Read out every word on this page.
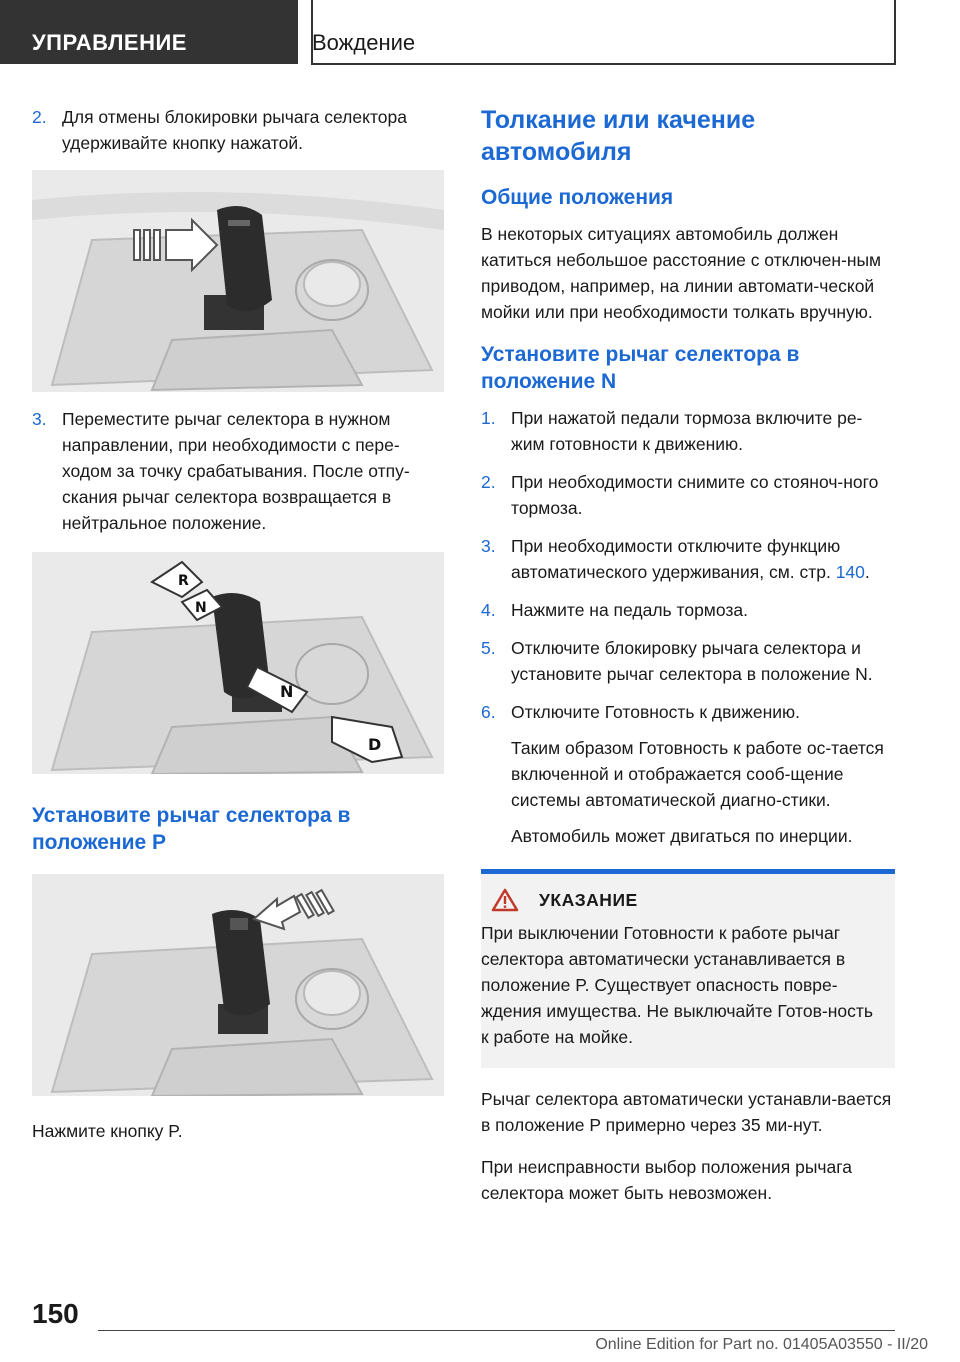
УПРАВЛЕНИЕ	Вождение
2. Для отмены блокировки рычага селектора удерживайте кнопку нажатой.
3. Переместите рычаг селектора в нужном направлении, при необходимости с пере-ходом за точку срабатывания. После отпу-скания рычаг селектора возвращается в нейтральное положение.
R
N
N
D
Установите рычаг селектора в положение P

Нажмите кнопку P.

Толкание или качение автомобиля
Общие положения

В некоторых ситуациях автомобиль должен катиться небольшое расстояние с отключен-ным приводом, например, на линии автомати-ческой мойки или при необходимости толкать вручную.

Установите рычаг селектора в положение N
1. При нажатой педали тормоза включите ре-жим готовности к движению.
2. При необходимости снимите со стояноч-ного тормоза.
3. При необходимости отключите функцию автоматического удерживания, см. стр. 140.
4. Нажмите на педаль тормоза.
5. Отключите блокировку рычага селектора и установите рычаг селектора в положение N.
6. Отключите Готовность к движению.
Таким образом Готовность к работе ос-тается включенной и отображается сооб-щение системы автоматической диагно-стики.
Автомобиль может двигаться по инерции.
УКАЗАНИЕ
При выключении Готовности к работе рычаг селектора автоматически устанавливается в положение P. Существует опасность повре-ждения имущества. Не выключайте Готов-ность к работе на мойке.

Рычаг селектора автоматически устанавли-вается в положение P примерно через 35 ми-нут.

При неисправности выбор положения рычага селектора может быть невозможен.

150
Online Edition for Part no. 01405A03550 - II/20
